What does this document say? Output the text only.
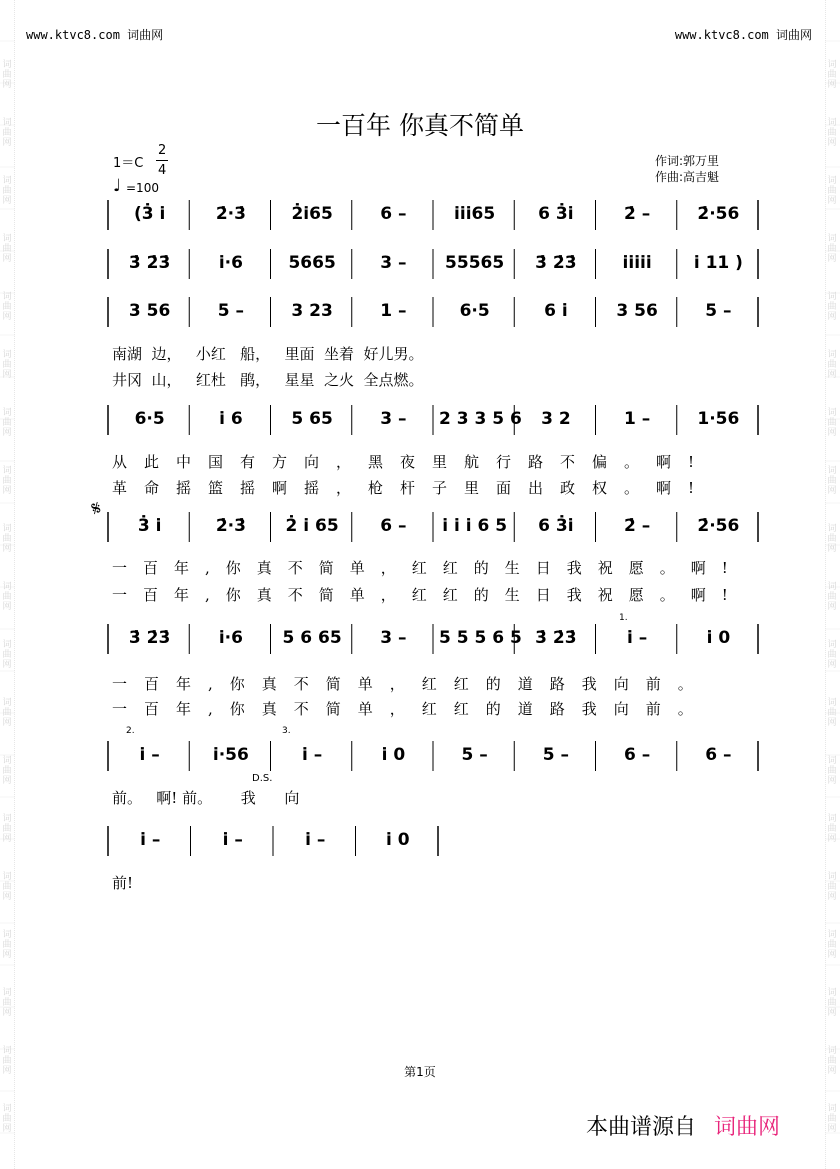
www.ktvc8.com 词曲网	www.ktvc8.com 词曲网
一百年 你真不简单
1＝C
2
4
♩ =100
作词:郭万里
作曲:高吉魁
(3̇ i̇	2̇·3̇	2̇i̇65	6 –	i̇i̇i̇65	6 3̇i̇	2̇ –	2̇·56
3̇ 2̇3̇	i̇·6	5665	3 –	55565	3̇ 2̇3̇	i̇i̇i̇i̇i̇	i̇ 11 )
3 56	5 –	3 23	1 –	6·5	6 i̇	3 56	5 –
6·5	i̇ 6	5 65	3 –	2 3 3 5 6	3 2	1 –	1·56
3̇ i̇	2̇·3̇	2̇ i̇ 65	6 –	i̇ i̇ i̇ 6 5	6 3̇i̇	2̇ –	2̇·56
3̇ 2̇3̇	i̇·6	5 6 65	3 –	5 5 5 6 5 3̇ 2̇3̇	i̇ –	i̇ 0
i̇ –	i̇·56	i̇ –	i̇ 0	5 –	5 –	6 –	6 –
i̇ –	i̇ –	i̇ –	i̇ 0
𝄋
南湖  边，   小红   船，   里面  坐着  好儿男。
井冈  山，   红杜   鹃，   星星  之火  全点燃。
从此中国有方向，黑夜里航行路不偏。啊!
革命摇篮摇啊摇，枪杆子里面出政权。啊!
一百年,你真不简单，红红的生日我祝愿。啊!
一百年,你真不简单，红红的生日我祝愿。啊!
一百年,你真不简单，红红的道路我向前。
一百年,你真不简单，红红的道路我向前。
前。   啊! 前。      我      向
前!
1.
2.	3.
D.S.
第1页
本曲谱源自 词曲网
词
曲
网
词
曲
网
词
曲
网
词
曲
网
词
曲
网
词
曲
网
词
曲
网
词
曲
网
词
曲
网
词
曲
网
词
曲
网
词
曲
网
词
曲
网
词
曲
网
词
曲
网
词
曲
网
词
曲
网
词
曲
网
词
曲
网
词
曲
网
词
曲
网
词
曲
网
词
曲
网
词
曲
网
词
曲
网
词
曲
网
词
曲
网
词
曲
网
词
曲
网
词
曲
网
词
曲
网
词
曲
网
词
曲
网
词
曲
网
词
曲
网
词
曲
网
词
曲
网
词
曲
网
